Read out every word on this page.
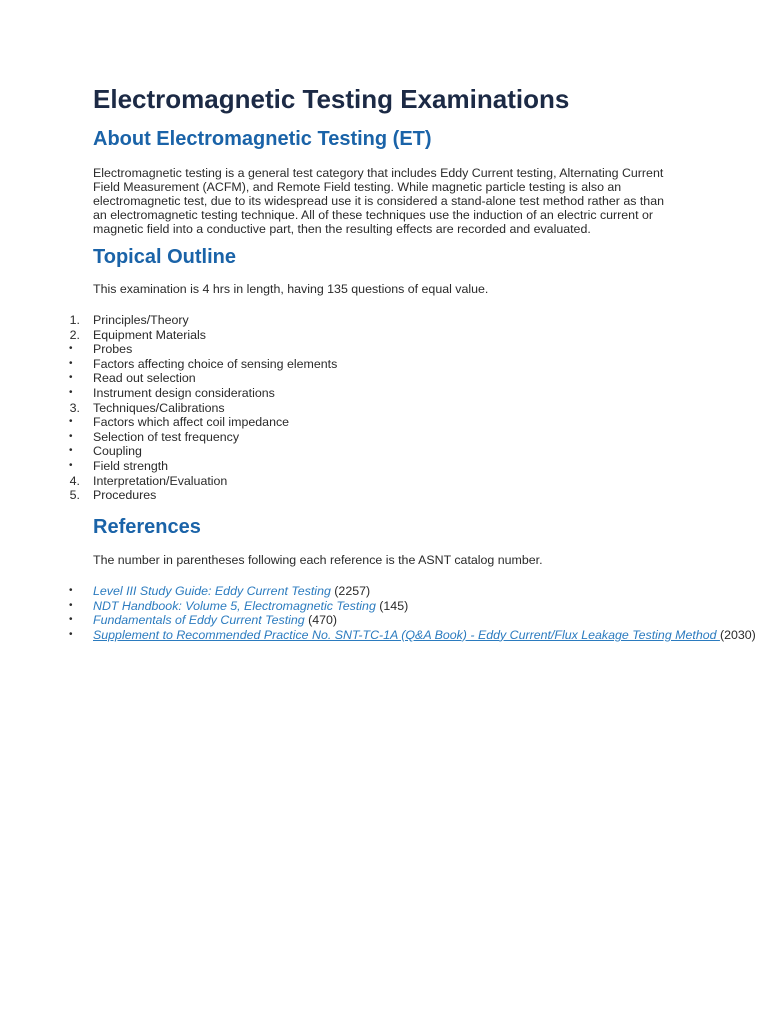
Electromagnetic Testing Examinations
About Electromagnetic Testing (ET)

Electromagnetic testing is a general test category that includes Eddy Current testing, Alternating Current Field Measurement (ACFM), and Remote Field testing. While magnetic particle testing is also an electromagnetic test, due to its widespread use it is considered a stand-alone test method rather as than an electromagnetic testing technique. All of these techniques use the induction of an electric current or magnetic field into a conductive part, then the resulting effects are recorded and evaluated.

Topical Outline

This examination is 4 hrs in length, having 135 questions of equal value.

1. Principles/Theory
2. Equipment Materials
• Probes
• Factors affecting choice of sensing elements
• Read out selection
• Instrument design considerations
3. Techniques/Calibrations
• Factors which affect coil impedance
• Selection of test frequency
• Coupling
• Field strength
4. Interpretation/Evaluation
5. Procedures
References

The number in parentheses following each reference is the ASNT catalog number.

• Level III Study Guide: Eddy Current Testing (2257)
• NDT Handbook: Volume 5, Electromagnetic Testing (145)
• Fundamentals of Eddy Current Testing (470)
• Supplement to Recommended Practice No. SNT-TC-1A (Q&A Book) - Eddy Current/Flux Leakage Testing Method (2030)
